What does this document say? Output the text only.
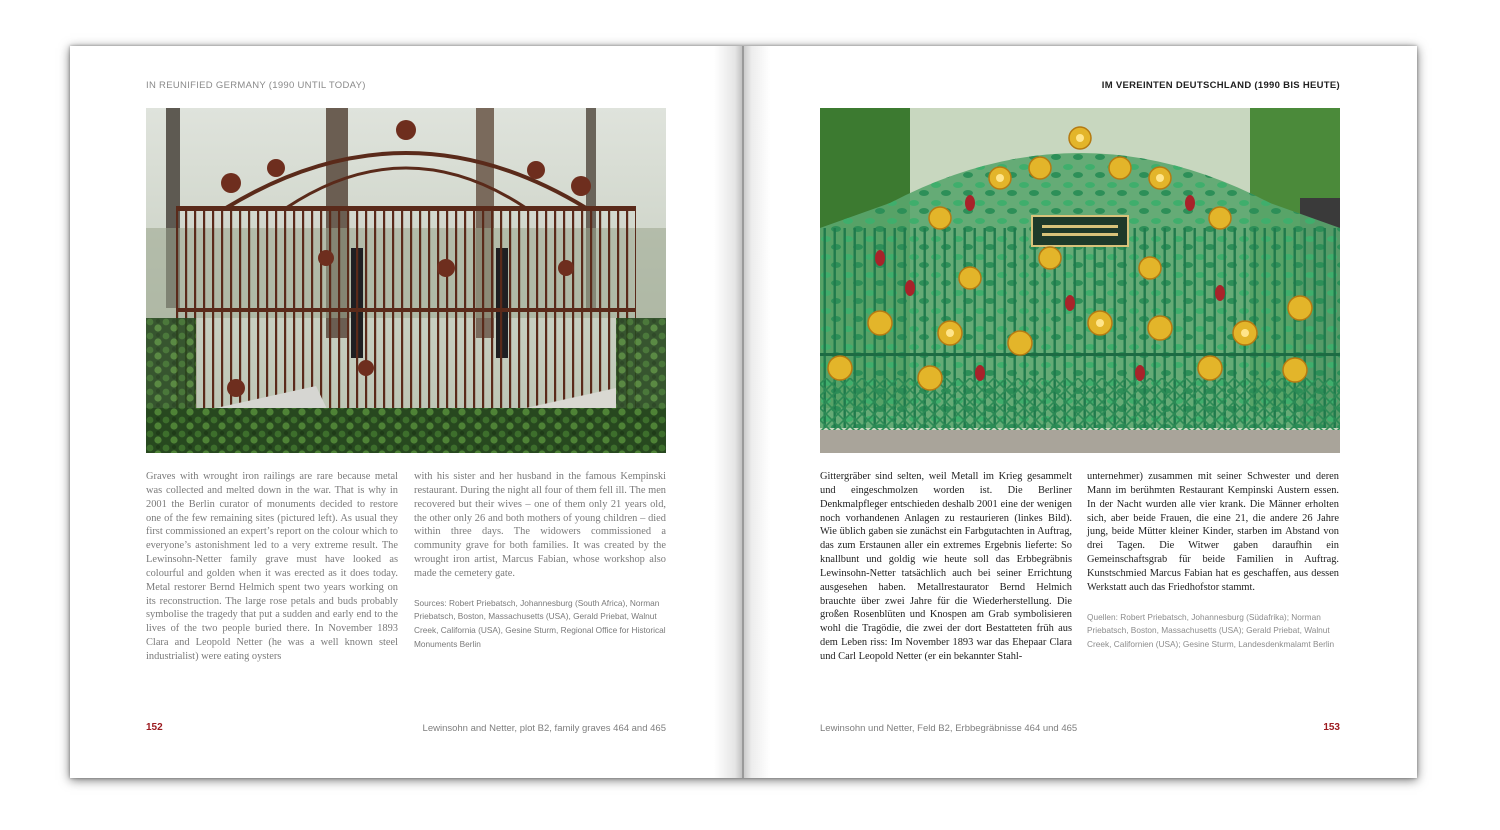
IN REUNIFIED GERMANY (1990 UNTIL TODAY)
Graves with wrought iron railings are rare because metal was collected and melted down in the war. That is why in 2001 the Berlin curator of monuments decided to restore one of the few remaining sites (pictured left). As usual they first commissioned an expert’s report on the colour which to everyone’s astonishment led to a very extreme result. The Lewinsohn-Netter family grave must have looked as colourful and golden when it was erected as it does today. Metal restorer Bernd Helmich spent two years working on its reconstruction. The large rose petals and buds probably symbolise the tragedy that put a sudden and early end to the lives of the two people buried there. In November 1893 Clara and Leopold Netter (he was a well known steel industrialist) were eating oysters
with his sister and her husband in the famous Kempinski restaurant. During the night all four of them fell ill. The men recovered but their wives – one of them only 21 years old, the other only 26 and both mothers of young children – died within three days. The widowers commissioned a community grave for both families. It was created by the wrought iron artist, Marcus Fabian, whose workshop also made the cemetery gate.
Sources: Robert Priebatsch, Johannesburg (South Africa), Norman Priebatsch, Boston, Massachusetts (USA), Gerald Priebat, Walnut Creek, California (USA), Gesine Sturm, Regional Office for Historical Monuments Berlin
152	Lewinsohn and Netter, plot B2, family graves 464 and 465
IM VEREINTEN DEUTSCHLAND (1990 BIS HEUTE)
Gittergräber sind selten, weil Metall im Krieg gesammelt und eingeschmolzen worden ist. Die Berliner Denkmalpfleger entschieden deshalb 2001 eine der wenigen noch vorhandenen Anlagen zu restaurieren (linkes Bild). Wie üblich gaben sie zunächst ein Farbgutachten in Auftrag, das zum Erstaunen aller ein extremes Ergebnis lieferte: So knallbunt und goldig wie heute soll das Erbbegräbnis Lewinsohn-Netter tatsächlich auch bei seiner Errichtung ausgesehen haben. Metallrestaurator Bernd Helmich brauchte über zwei Jahre für die Wiederherstellung. Die großen Rosenblüten und Knospen am Grab symbolisieren wohl die Tragödie, die zwei der dort Bestatteten früh aus dem Leben riss: Im November 1893 war das Ehepaar Clara und Carl Leopold Netter (er ein bekannter Stahl-
unternehmer) zusammen mit seiner Schwester und deren Mann im berühmten Restaurant Kempinski Austern essen. In der Nacht wurden alle vier krank. Die Männer erholten sich, aber beide Frauen, die eine 21, die andere 26 Jahre jung, beide Mütter kleiner Kinder, starben im Abstand von drei Tagen. Die Witwer gaben daraufhin ein Gemeinschaftsgrab für beide Familien in Auftrag. Kunstschmied Marcus Fabian hat es geschaffen, aus dessen Werkstatt auch das Friedhofstor stammt.
Quellen: Robert Priebatsch, Johannesburg (Südafrika); Norman Priebatsch, Boston, Massachusetts (USA); Gerald Priebat, Walnut Creek, Californien (USA); Gesine Sturm, Landesdenkmalamt Berlin
Lewinsohn und Netter, Feld B2, Erbbegräbnisse 464 und 465	153
